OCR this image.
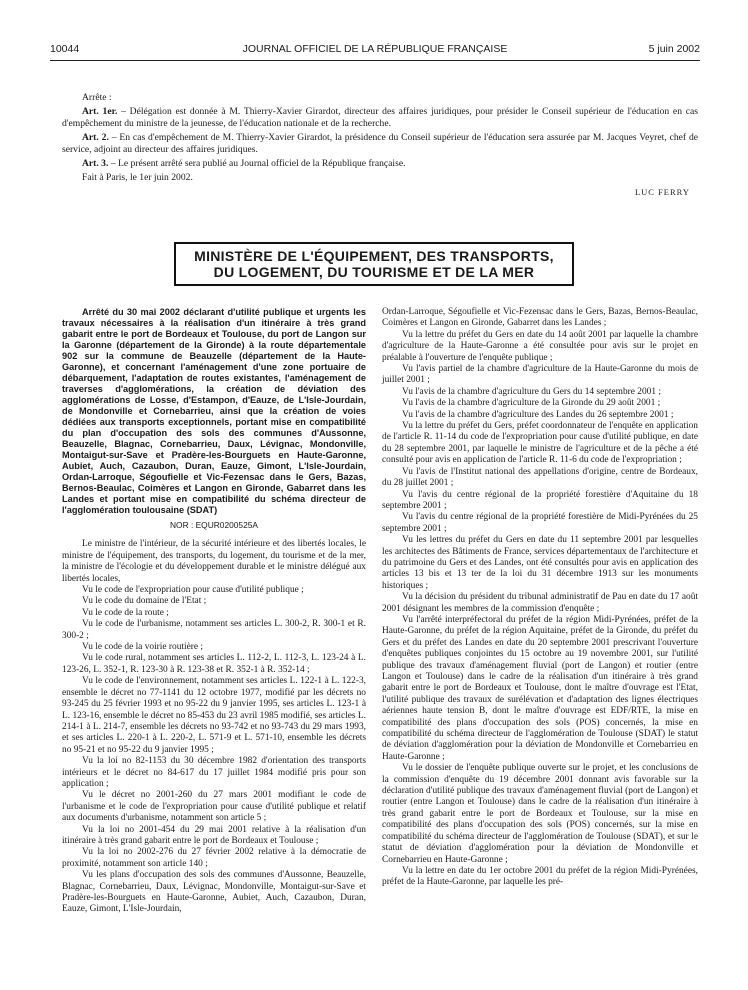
10044	JOURNAL OFFICIEL DE LA RÉPUBLIQUE FRANÇAISE	5 juin 2002

Arrête :

Art. 1er. – Délégation est donnée à M. Thierry-Xavier Girardot, directeur des affaires juridiques, pour présider le Conseil supérieur de l'éducation en cas d'empêchement du ministre de la jeunesse, de l'éducation nationale et de la recherche.

Art. 2. – En cas d'empêchement de M. Thierry-Xavier Girardot, la présidence du Conseil supérieur de l'éducation sera assurée par M. Jacques Veyret, chef de service, adjoint au directeur des affaires juridiques.

Art. 3. – Le présent arrêté sera publié au Journal officiel de la République française.

Fait à Paris, le 1er juin 2002.

LUC FERRY
MINISTÈRE DE L'ÉQUIPEMENT, DES TRANSPORTS,
DU LOGEMENT, DU TOURISME ET DE LA MER

Arrêté du 30 mai 2002 déclarant d'utilité publique et urgents les travaux nécessaires à la réalisation d'un itinéraire à très grand gabarit entre le port de Bordeaux et Toulouse, du port de Langon sur la Garonne (département de la Gironde) à la route départementale 902 sur la commune de Beauzelle (département de la Haute-Garonne), et concernant l'aménagement d'une zone portuaire de débarquement, l'adaptation de routes existantes, l'aménagement de traverses d'agglomérations, la création de déviation des agglomérations de Losse, d'Estampon, d'Eauze, de L'Isle-Jourdain, de Mondonville et Cornebarrieu, ainsi que la création de voies dédiées aux transports exceptionnels, portant mise en compatibilité du plan d'occupation des sols des communes d'Aussonne, Beauzelle, Blagnac, Cornebarrieu, Daux, Lévignac, Mondonville, Montaigut-sur-Save et Pradère-les-Bourguets en Haute-Garonne, Aubiet, Auch, Cazaubon, Duran, Eauze, Gimont, L'Isle-Jourdain, Ordan-Larroque, Ségoufielle et Vic-Fezensac dans le Gers, Bazas, Bernos-Beaulac, Coimères et Langon en Gironde, Gabarret dans les Landes et portant mise en compatibilité du schéma directeur de l'agglomération toulousaine (SDAT)

NOR : EQUR0200525A

Le ministre de l'intérieur, de la sécurité intérieure et des libertés locales, le ministre de l'équipement, des transports, du logement, du tourisme et de la mer, la ministre de l'écologie et du développement durable et le ministre délégué aux libertés locales,

Vu le code de l'expropriation pour cause d'utilité publique ;

Vu le code du domaine de l'Etat ;

Vu le code de la route ;

Vu le code de l'urbanisme, notamment ses articles L. 300-2, R. 300-1 et R. 300-2 ;

Vu le code de la voirie routière ;

Vu le code rural, notamment ses articles L. 112-2, L. 112-3, L. 123-24 à L. 123-26, L. 352-1, R. 123-30 à R. 123-38 et R. 352-1 à R. 352-14 ;

Vu le code de l'environnement, notamment ses articles L. 122-1 à L. 122-3, ensemble le décret no 77-1141 du 12 octobre 1977, modifié par les décrets no 93-245 du 25 février 1993 et no 95-22 du 9 janvier 1995, ses articles L. 123-1 à L. 123-16, ensemble le décret no 85-453 du 23 avril 1985 modifié, ses articles L. 214-1 à L. 214-7, ensemble les décrets no 93-742 et no 93-743 du 29 mars 1993, et ses articles L. 220-1 à L. 220-2, L. 571-9 et L. 571-10, ensemble les décrets no 95-21 et no 95-22 du 9 janvier 1995 ;

Vu la loi no 82-1153 du 30 décembre 1982 d'orientation des transports intérieurs et le décret no 84-617 du 17 juillet 1984 modifié pris pour son application ;

Vu le décret no 2001-260 du 27 mars 2001 modifiant le code de l'urbanisme et le code de l'expropriation pour cause d'utilité publique et relatif aux documents d'urbanisme, notamment son article 5 ;

Vu la loi no 2001-454 du 29 mai 2001 relative à la réalisation d'un itinéraire à très grand gabarit entre le port de Bordeaux et Toulouse ;

Vu la loi no 2002-276 du 27 février 2002 relative à la démocratie de proximité, notamment son article 140 ;

Vu les plans d'occupation des sols des communes d'Aussonne, Beauzelle, Blagnac, Cornebarrieu, Daux, Lévignac, Mondonville, Montaigut-sur-Save et Pradère-les-Bourguets en Haute-Garonne, Aubiet, Auch, Cazaubon, Duran, Eauze, Gimont, L'Isle-Jourdain,

Ordan-Larroque, Ségoufielle et Vic-Fezensac dans le Gers, Bazas, Bernos-Beaulac, Coimères et Langon en Gironde, Gabarret dans les Landes ;

Vu la lettre du préfet du Gers en date du 14 août 2001 par laquelle la chambre d'agriculture de la Haute-Garonne a été consultée pour avis sur le projet en préalable à l'ouverture de l'enquête publique ;

Vu l'avis partiel de la chambre d'agriculture de la Haute-Garonne du mois de juillet 2001 ;

Vu l'avis de la chambre d'agriculture du Gers du 14 septembre 2001 ;

Vu l'avis de la chambre d'agriculture de la Gironde du 29 août 2001 ;

Vu l'avis de la chambre d'agriculture des Landes du 26 septembre 2001 ;

Vu la lettre du préfet du Gers, préfet coordonnateur de l'enquête en application de l'article R. 11-14 du code de l'expropriation pour cause d'utilité publique, en date du 28 septembre 2001, par laquelle le ministre de l'agriculture et de la pêche a été consulté pour avis en application de l'article R. 11-6 du code de l'expropriation ;

Vu l'avis de l'Institut national des appellations d'origine, centre de Bordeaux, du 28 juillet 2001 ;

Vu l'avis du centre régional de la propriété forestière d'Aquitaine du 18 septembre 2001 ;

Vu l'avis du centre régional de la propriété forestière de Midi-Pyrénées du 25 septembre 2001 ;

Vu les lettres du préfet du Gers en date du 11 septembre 2001 par lesquelles les architectes des Bâtiments de France, services départementaux de l'architecture et du patrimoine du Gers et des Landes, ont été consultés pour avis en application des articles 13 bis et 13 ter de la loi du 31 décembre 1913 sur les monuments historiques ;

Vu la décision du président du tribunal administratif de Pau en date du 17 août 2001 désignant les membres de la commission d'enquête ;

Vu l'arrêté interpréfectoral du préfet de la région Midi-Pyrénées, préfet de la Haute-Garonne, du préfet de la région Aquitaine, préfet de la Gironde, du préfet du Gers et du préfet des Landes en date du 20 septembre 2001 prescrivant l'ouverture d'enquêtes publiques conjointes du 15 octobre au 19 novembre 2001, sur l'utilité publique des travaux d'aménagement fluvial (port de Langon) et routier (entre Langon et Toulouse) dans le cadre de la réalisation d'un itinéraire à très grand gabarit entre le port de Bordeaux et Toulouse, dont le maître d'ouvrage est l'Etat, l'utilité publique des travaux de surélévation et d'adaptation des lignes électriques aériennes haute tension B, dont le maître d'ouvrage est EDF/RTE, la mise en compatibilité des plans d'occupation des sols (POS) concernés, la mise en compatibilité du schéma directeur de l'agglomération de Toulouse (SDAT) le statut de déviation d'agglomération pour la déviation de Mondonville et Cornebarrieu en Haute-Garonne ;

Vu le dossier de l'enquête publique ouverte sur le projet, et les conclusions de la commission d'enquête du 19 décembre 2001 donnant avis favorable sur la déclaration d'utilité publique des travaux d'aménagement fluvial (port de Langon) et routier (entre Langon et Toulouse) dans le cadre de la réalisation d'un itinéraire à très grand gabarit entre le port de Bordeaux et Toulouse, sur la mise en compatibilité des plans d'occupation des sols (POS) concernés, sur la mise en compatibilité du schéma directeur de l'agglomération de Toulouse (SDAT), et sur le statut de déviation d'agglomération pour la déviation de Mondonville et Cornebarrieu en Haute-Garonne ;

Vu la lettre en date du 1er octobre 2001 du préfet de la région Midi-Pyrénées, préfet de la Haute-Garonne, par laquelle les pré-
